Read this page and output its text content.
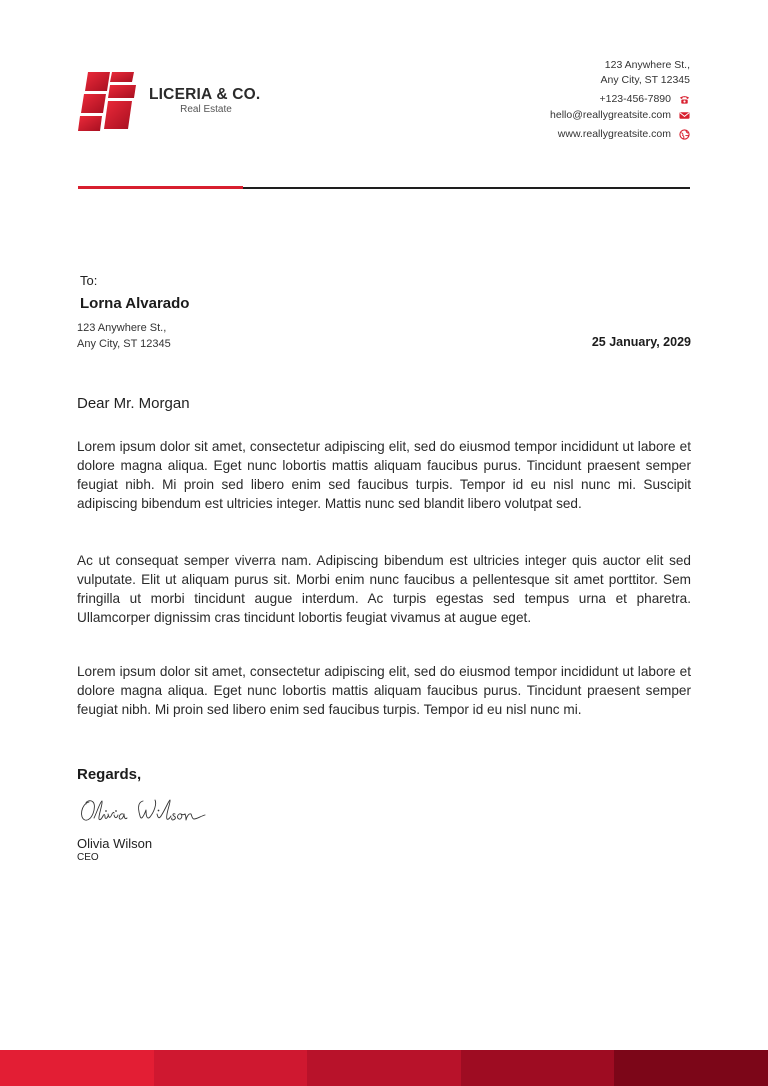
LICERIA & CO.
Real Estate
123 Anywhere St.,
Any City, ST 12345
+123-456-7890
hello@reallygreatsite.com
www.reallygreatsite.com
To:
Lorna Alvarado
123 Anywhere St.,
Any City, ST 12345	25 January, 2029
Dear Mr. Morgan
Lorem ipsum dolor sit amet, consectetur adipiscing elit, sed do eiusmod tempor incididunt ut labore et dolore magna aliqua. Eget nunc lobortis mattis aliquam faucibus purus. Tincidunt praesent semper feugiat nibh. Mi proin sed libero enim sed faucibus turpis. Tempor id eu nisl nunc mi. Suscipit adipiscing bibendum est ultricies integer. Mattis nunc sed blandit libero volutpat sed.
Ac ut consequat semper viverra nam. Adipiscing bibendum est ultricies integer quis auctor elit sed vulputate. Elit ut aliquam purus sit. Morbi enim nunc faucibus a pellentesque sit amet porttitor. Sem fringilla ut morbi tincidunt augue interdum. Ac turpis egestas sed tempus urna et pharetra. Ullamcorper dignissim cras tincidunt lobortis feugiat vivamus at augue eget.
Lorem ipsum dolor sit amet, consectetur adipiscing elit, sed do eiusmod tempor incididunt ut labore et dolore magna aliqua. Eget nunc lobortis mattis aliquam faucibus purus. Tincidunt praesent semper feugiat nibh. Mi proin sed libero enim sed faucibus turpis. Tempor id eu nisl nunc mi.
Regards,
Olivia Wilson
CEO
